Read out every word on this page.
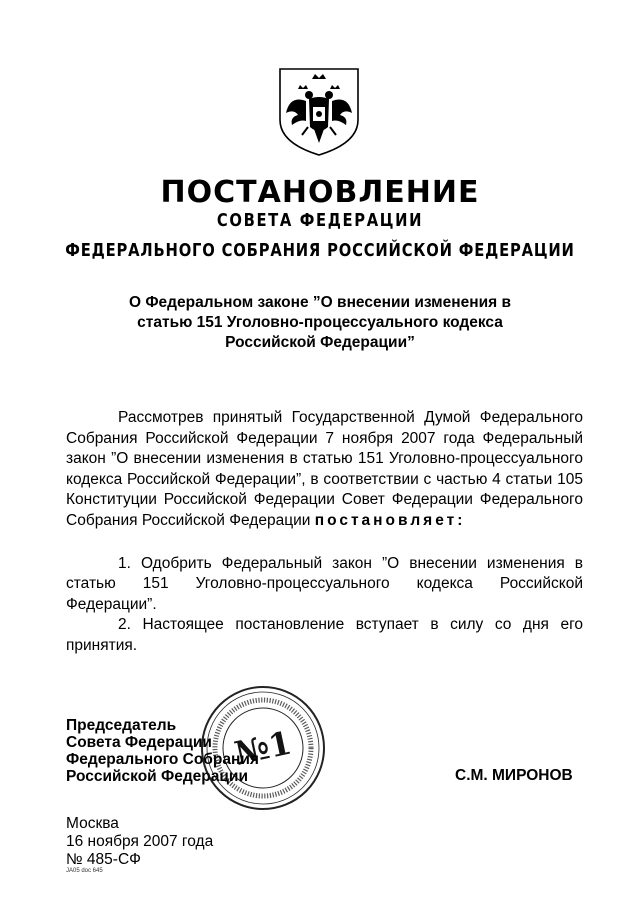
ПОСТАНОВЛЕНИЕ
СОВЕТА ФЕДЕРАЦИИ
ФЕДЕРАЛЬНОГО СОБРАНИЯ РОССИЙСКОЙ ФЕДЕРАЦИИ
О Федеральном законе ”О внесении изменения в
статью 151 Уголовно-процессуального кодекса
Российской Федерации”

Рассмотрев принятый Государственной Думой Федерального Собрания Российской Федерации 7 ноября 2007 года Федеральный закон ”О внесении изменения в статью 151 Уголовно-процессуального кодекса Российской Федерации”, в соответствии с частью 4 статьи 105 Конституции Российской Федерации Совет Федерации Федерального Собрания Российской Федерации постановляет:

1. Одобрить Федеральный закон ”О внесении изменения в статью 151 Уголовно-процессуального кодекса Российской Федерации”.

2. Настоящее постановление вступает в силу со дня его принятия.

Председатель
Совета Федерации
Федерального Собрания
Российской Федерации
№1
С.М. МИРОНОВ
Москва
16 ноября 2007 года
№ 485-СФ
JA05 doc 645
